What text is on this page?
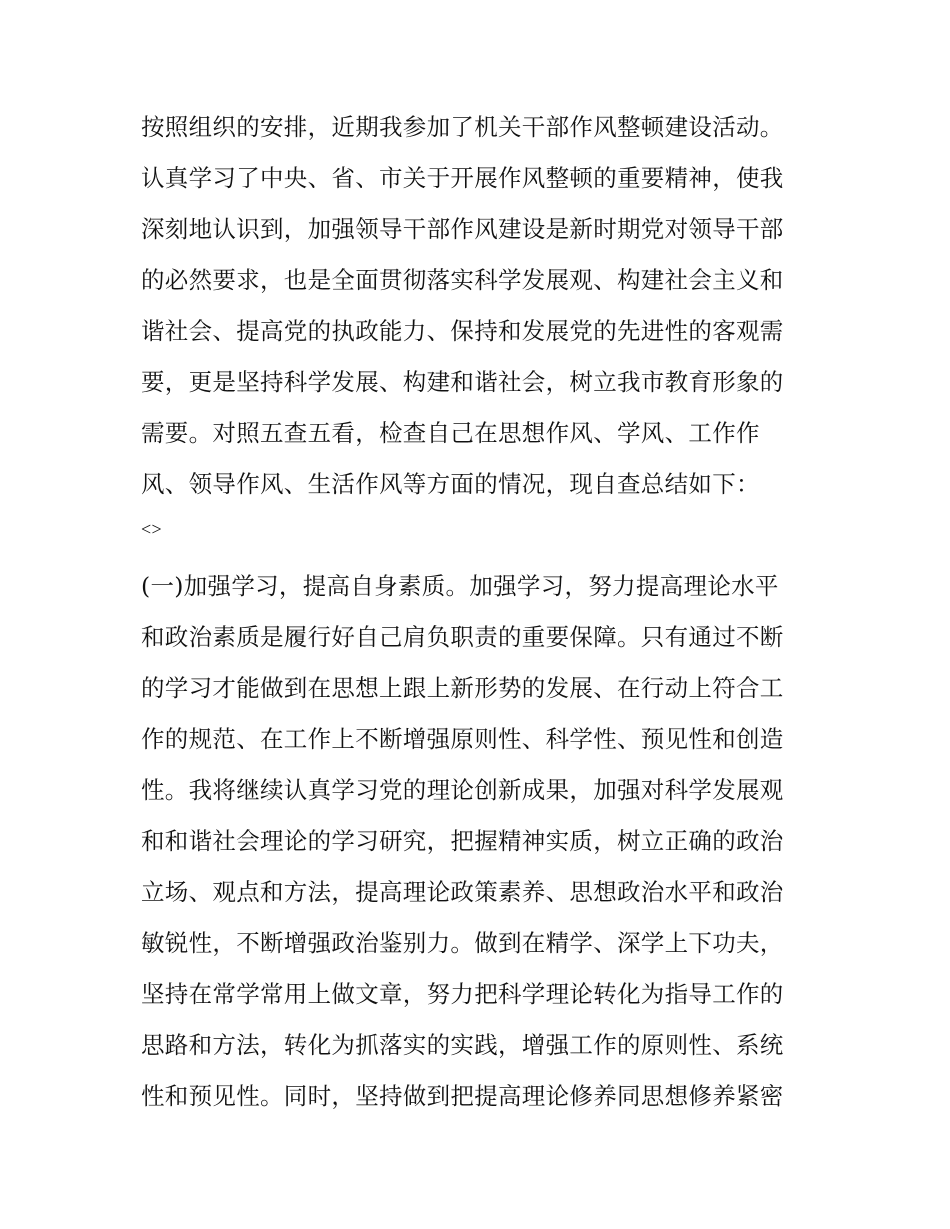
按照组织的安排，近期我参加了机关干部作风整顿建设活动。
认真学习了中央、省、市关于开展作风整顿的重要精神，使我
深刻地认识到，加强领导干部作风建设是新时期党对领导干部
的必然要求，也是全面贯彻落实科学发展观、构建社会主义和
谐社会、提高党的执政能力、保持和发展党的先进性的客观需
要，更是坚持科学发展、构建和谐社会，树立我市教育形象的
需要。对照五查五看，检查自己在思想作风、学风、工作作
风、领导作风、生活作风等方面的情况，现自查总结如下：
<>
(一)加强学习，提高自身素质。加强学习，努力提高理论水平
和政治素质是履行好自己肩负职责的重要保障。只有通过不断
的学习才能做到在思想上跟上新形势的发展、在行动上符合工
作的规范、在工作上不断增强原则性、科学性、预见性和创造
性。我将继续认真学习党的理论创新成果，加强对科学发展观
和和谐社会理论的学习研究，把握精神实质，树立正确的政治
立场、观点和方法，提高理论政策素养、思想政治水平和政治
敏锐性，不断增强政治鉴别力。做到在精学、深学上下功夫，
坚持在常学常用上做文章，努力把科学理论转化为指导工作的
思路和方法，转化为抓落实的实践，增强工作的原则性、系统
性和预见性。同时，坚持做到把提高理论修养同思想修养紧密
